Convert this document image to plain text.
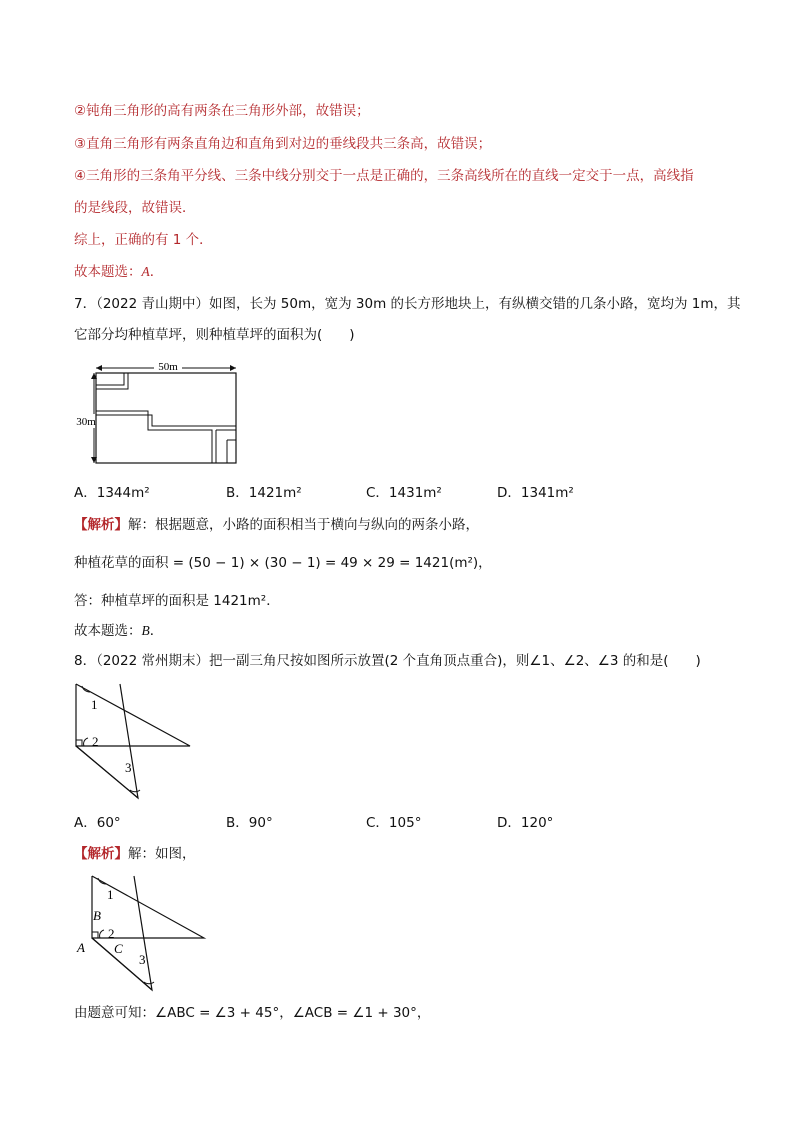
②钝角三角形的高有两条在三角形外部，故错误；
③直角三角形有两条直角边和直角到对边的垂线段共三条高，故错误；
④三角形的三条角平分线、三条中线分别交于一点是正确的，三条高线所在的直线一定交于一点，高线指
的是线段，故错误．
综上，正确的有 1 个．
故本题选：A．
7．（2022 青山期中）如图，长为 50m，宽为 30m 的长方形地块上，有纵横交错的几条小路，宽均为 1m，其
它部分均种植草坪，则种植草坪的面积为(　　)
50m
30m
A．1344m²	B．1421m²	C．1431m²	D．1341m²
【解析】解：根据题意，小路的面积相当于横向与纵向的两条小路，
种植花草的面积 = (50 − 1) × (30 − 1) = 49 × 29 = 1421(m²)，
答：种植草坪的面积是 1421m²．
故本题选：B．
8．（2022 常州期末）把一副三角尺按如图所示放置(2 个直角顶点重合)，则∠1、∠2、∠3 的和是(　　)
1
2
3
A．60°	B．90°	C．105°	D．120°
【解析】解：如图，
1
2
3
A
B
C
由题意可知：∠ABC = ∠3 + 45°，∠ACB = ∠1 + 30°，
